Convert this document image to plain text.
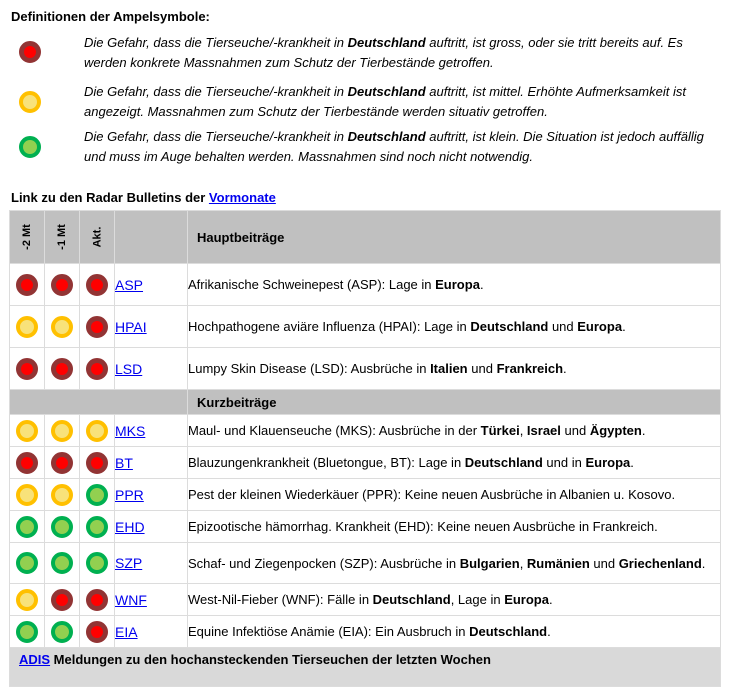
Definitionen der Ampelsymbole:
Die Gefahr, dass die Tierseuche/-krankheit in Deutschland auftritt, ist gross, oder sie tritt bereits auf. Es werden konkrete Massnahmen zum Schutz der Tierbestände getroffen.
Die Gefahr, dass die Tierseuche/-krankheit in Deutschland auftritt, ist mittel. Erhöhte Aufmerksamkeit ist angezeigt. Massnahmen zum Schutz der Tierbestände werden situativ getroffen.
Die Gefahr, dass die Tierseuche/-krankheit in Deutschland auftritt, ist klein. Die Situation ist jedoch auffällig und muss im Auge behalten werden. Massnahmen sind noch nicht notwendig.
Link zu den Radar Bulletins der Vormonate
-2 Mt	-1 Mt	Akt.		Hauptbeiträge
			ASP	Afrikanische Schweinepest (ASP): Lage in Europa.
			HPAI	Hochpathogene aviäre Influenza (HPAI): Lage in Deutschland und Europa.
			LSD	Lumpy Skin Disease (LSD): Ausbrüche in Italien und Frankreich.
				Kurzbeiträge
			MKS	Maul- und Klauenseuche (MKS): Ausbrüche in der Türkei, Israel und Ägypten.
			BT	Blauzungenkrankheit (Bluetongue, BT): Lage in Deutschland und in Europa.
			PPR	Pest der kleinen Wiederkäuer (PPR): Keine neuen Ausbrüche in Albanien u. Kosovo.
			EHD	Epizootische hämorrhag. Krankheit (EHD): Keine neuen Ausbrüche in Frankreich.
			SZP	Schaf- und Ziegenpocken (SZP): Ausbrüche in Bulgarien, Rumänien und Griechenland.
			WNF	West-Nil-Fieber (WNF): Fälle in Deutschland, Lage in Europa.
			EIA	Equine Infektiöse Anämie (EIA): Ein Ausbruch in Deutschland.
ADIS Meldungen zu den hochansteckenden Tierseuchen der letzten Wochen				
